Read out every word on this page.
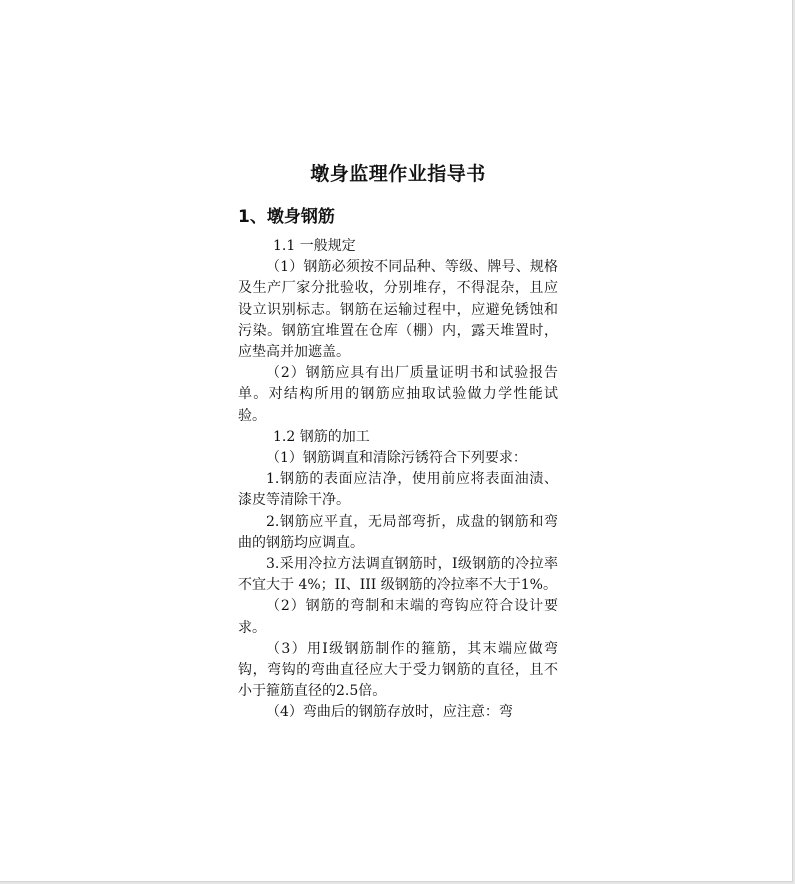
墩身监理作业指导书
1、墩身钢筋

1.1 一般规定

（1）钢筋必须按不同品种、等级、牌号、规格及生产厂家分批验收，分别堆存，不得混杂，且应设立识别标志。钢筋在运输过程中，应避免锈蚀和污染。钢筋宜堆置在仓库（棚）内，露天堆置时，应垫高并加遮盖。

（2）钢筋应具有出厂质量证明书和试验报告单。对结构所用的钢筋应抽取试验做力学性能试验。

1.2 钢筋的加工

（1）钢筋调直和清除污锈符合下列要求：

1.钢筋的表面应洁净，使用前应将表面油渍、漆皮等清除干净。

2.钢筋应平直，无局部弯折，成盘的钢筋和弯曲的钢筋均应调直。

3.采用冷拉方法调直钢筋时，I级钢筋的冷拉率不宜大于 4%；II、III 级钢筋的冷拉率不大于1%。

（2）钢筋的弯制和末端的弯钩应符合设计要求。

（3）用I级钢筋制作的箍筋，其末端应做弯钩，弯钩的弯曲直径应大于受力钢筋的直径，且不小于箍筋直径的2.5倍。

（4）弯曲后的钢筋存放时，应注意：弯
